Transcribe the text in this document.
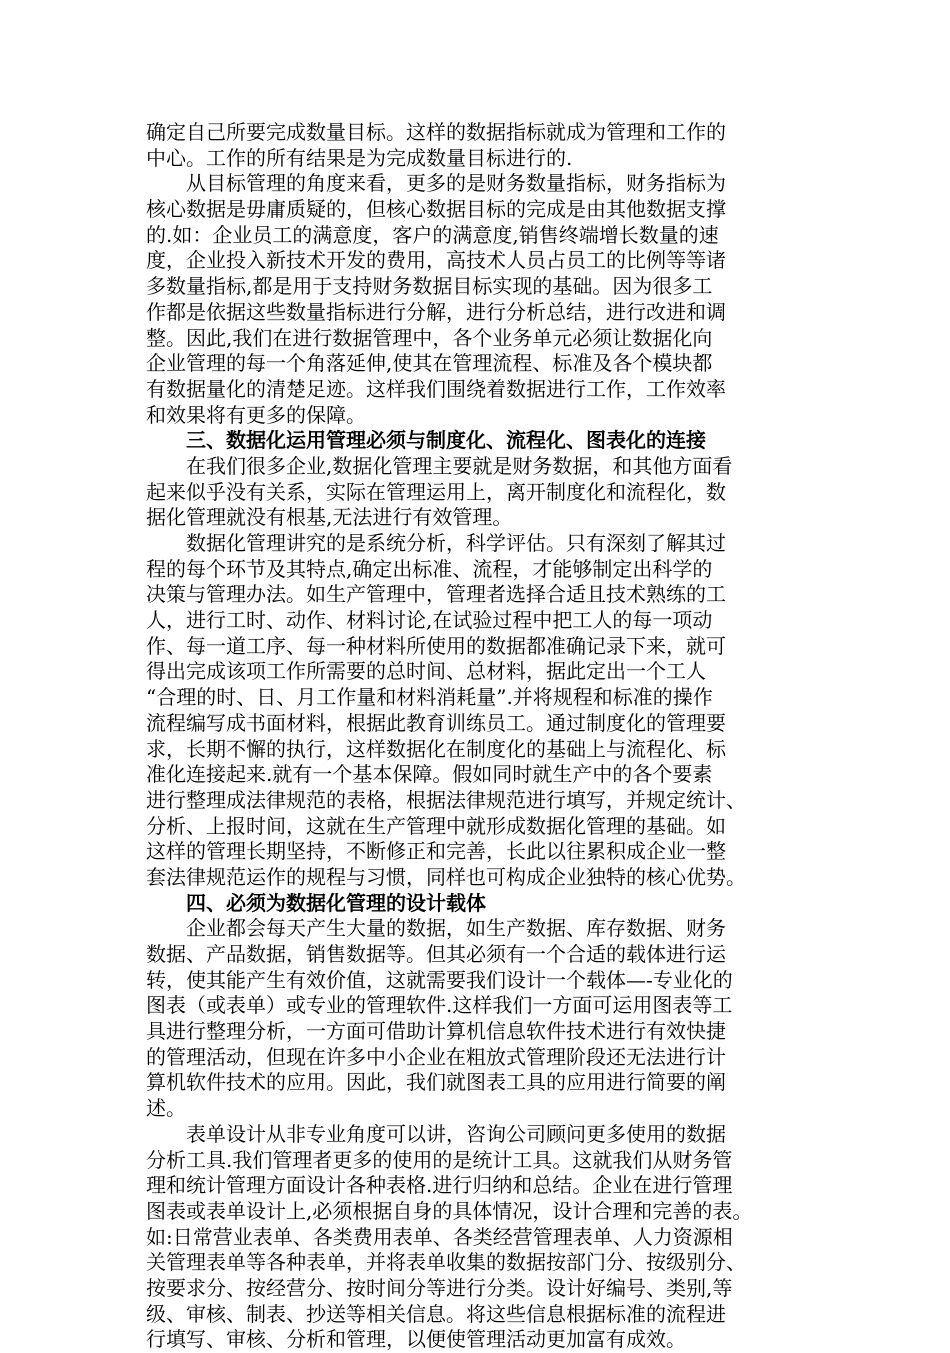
确定自己所要完成数量目标。这样的数据指标就成为管理和工作的
中心。工作的所有结果是为完成数量目标进行的.
从目标管理的角度来看，更多的是财务数量指标，财务指标为
核心数据是毋庸质疑的，但核心数据目标的完成是由其他数据支撑
的.如：企业员工的满意度，客户的满意度,销售终端增长数量的速
度，企业投入新技术开发的费用，高技术人员占员工的比例等等诸
多数量指标,都是用于支持财务数据目标实现的基础。因为很多工
作都是依据这些数量指标进行分解，进行分析总结，进行改进和调
整。因此,我们在进行数据管理中，各个业务单元必须让数据化向
企业管理的每一个角落延伸,使其在管理流程、标准及各个模块都
有数据量化的清楚足迹。这样我们围绕着数据进行工作，工作效率
和效果将有更多的保障。
三、数据化运用管理必须与制度化、流程化、图表化的连接
在我们很多企业,数据化管理主要就是财务数据，和其他方面看
起来似乎没有关系，实际在管理运用上，离开制度化和流程化，数
据化管理就没有根基,无法进行有效管理。
数据化管理讲究的是系统分析，科学评估。只有深刻了解其过
程的每个环节及其特点,确定出标准、流程，才能够制定出科学的
决策与管理办法。如生产管理中，管理者选择合适且技术熟练的工
人，进行工时、动作、材料讨论,在试验过程中把工人的每一项动
作、每一道工序、每一种材料所使用的数据都准确记录下来，就可
得出完成该项工作所需要的总时间、总材料，据此定出一个工人
“合理的时、日、月工作量和材料消耗量”.并将规程和标准的操作
流程编写成书面材料，根据此教育训练员工。通过制度化的管理要
求，长期不懈的执行，这样数据化在制度化的基础上与流程化、标
准化连接起来.就有一个基本保障。假如同时就生产中的各个要素
进行整理成法律规范的表格，根据法律规范进行填写，并规定统计、
分析、上报时间，这就在生产管理中就形成数据化管理的基础。如
这样的管理长期坚持，不断修正和完善，长此以往累积成企业一整
套法律规范运作的规程与习惯，同样也可构成企业独特的核心优势。
四、必须为数据化管理的设计载体
企业都会每天产生大量的数据，如生产数据、库存数据、财务
数据、产品数据，销售数据等。但其必须有一个合适的载体进行运
转，使其能产生有效价值，这就需要我们设计一个载体—-专业化的
图表（或表单）或专业的管理软件.这样我们一方面可运用图表等工
具进行整理分析，一方面可借助计算机信息软件技术进行有效快捷
的管理活动，但现在许多中小企业在粗放式管理阶段还无法进行计
算机软件技术的应用。因此，我们就图表工具的应用进行简要的阐
述。
表单设计从非专业角度可以讲，咨询公司顾问更多使用的数据
分析工具.我们管理者更多的使用的是统计工具。这就我们从财务管
理和统计管理方面设计各种表格.进行归纳和总结。企业在进行管理
图表或表单设计上,必须根据自身的具体情况，设计合理和完善的表。
如:日常营业表单、各类费用表单、各类经营管理表单、人力资源相
关管理表单等各种表单，并将表单收集的数据按部门分、按级别分、
按要求分、按经营分、按时间分等进行分类。设计好编号、类别,等
级、审核、制表、抄送等相关信息。将这些信息根据标准的流程进
行填写、审核、分析和管理，以便使管理活动更加富有成效。
